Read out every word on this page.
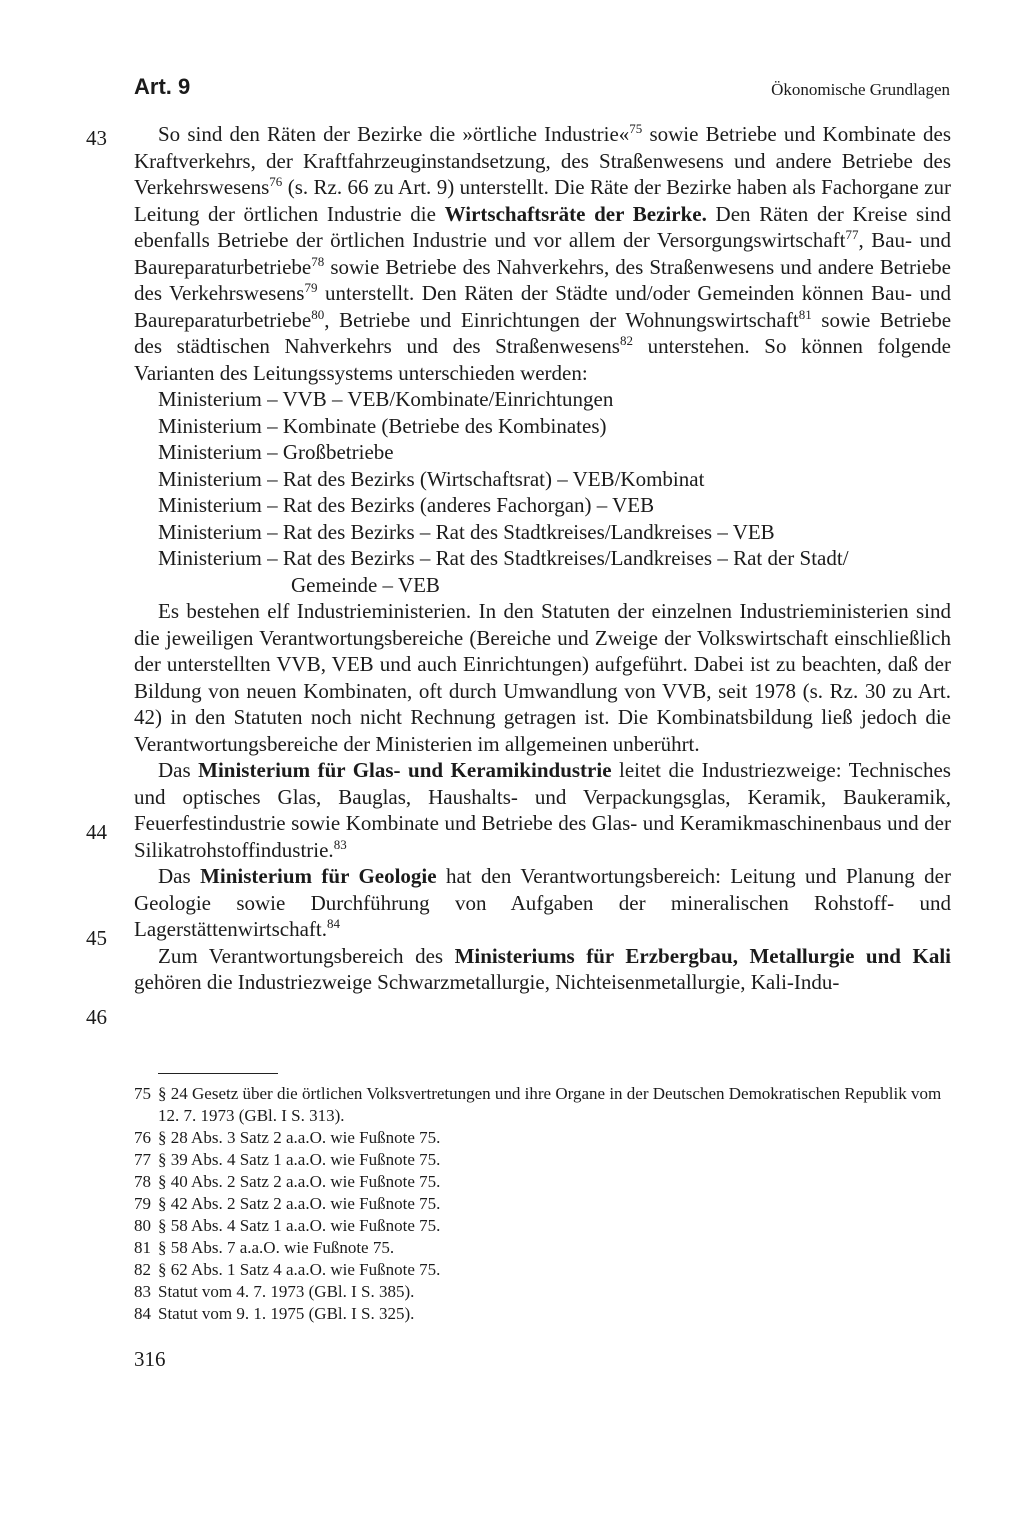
Art. 9	Ökonomische Grundlagen
43
44
45
46

So sind den Räten der Bezirke die »örtliche Industrie«$^{75}$ sowie Betriebe und Kombinate des Kraftverkehrs, der Kraftfahrzeuginstandsetzung, des Straßenwesens und andere Betriebe des Verkehrswesens$^{76}$ (s. Rz. 66 zu Art. 9) unterstellt. Die Räte der Bezirke haben als Fachorgane zur Leitung der örtlichen Industrie die Wirtschaftsräte der Bezirke. Den Räten der Kreise sind ebenfalls Betriebe der örtlichen Industrie und vor allem der Versorgungswirtschaft$^{77}$, Bau- und Baureparaturbetriebe$^{78}$ sowie Betriebe des Nahverkehrs, des Straßenwesens und andere Betriebe des Verkehrswesens$^{79}$ unterstellt. Den Räten der Städte und/oder Gemeinden können Bau- und Baureparaturbetriebe$^{80}$, Betriebe und Einrichtungen der Wohnungswirtschaft$^{81}$ sowie Betriebe des städtischen Nahverkehrs und des Straßenwesens$^{82}$ unterstehen. So können folgende Varianten des Leitungssystems unterschieden werden:

Ministerium – VVB – VEB/Kombinate/Einrichtungen
Ministerium – Kombinate (Betriebe des Kombinates)
Ministerium – Großbetriebe
Ministerium – Rat des Bezirks (Wirtschaftsrat) – VEB/Kombinat
Ministerium – Rat des Bezirks (anderes Fachorgan) – VEB
Ministerium – Rat des Bezirks – Rat des Stadtkreises/Landkreises – VEB
Ministerium – Rat des Bezirks – Rat des Stadtkreises/Landkreises – Rat der Stadt/
Gemeinde – VEB

Es bestehen elf Industrieministerien. In den Statuten der einzelnen Industrieministerien sind die jeweiligen Verantwortungsbereiche (Bereiche und Zweige der Volkswirtschaft einschließlich der unterstellten VVB, VEB und auch Einrichtungen) aufgeführt. Dabei ist zu beachten, daß der Bildung von neuen Kombinaten, oft durch Umwandlung von VVB, seit 1978 (s. Rz. 30 zu Art. 42) in den Statuten noch nicht Rechnung getragen ist. Die Kombinatsbildung ließ jedoch die Verantwortungsbereiche der Ministerien im allgemeinen unberührt.

Das Ministerium für Glas- und Keramikindustrie leitet die Industriezweige: Technisches und optisches Glas, Bauglas, Haushalts- und Verpackungsglas, Keramik, Baukeramik, Feuerfestindustrie sowie Kombinate und Betriebe des Glas- und Keramikmaschinenbaus und der Silikatrohstoffindustrie.$^{83}$

Das Ministerium für Geologie hat den Verantwortungsbereich: Leitung und Planung der Geologie sowie Durchführung von Aufgaben der mineralischen Rohstoff- und Lagerstättenwirtschaft.$^{84}$

Zum Verantwortungsbereich des Ministeriums für Erzbergbau, Metallurgie und Kali gehören die Industriezweige Schwarzmetallurgie, Nichteisenmetallurgie, Kali-Indu-

75 § 24 Gesetz über die örtlichen Volksvertretungen und ihre Organe in der Deutschen Demokratischen Republik vom 12. 7. 1973 (GBl. I S. 313).
76 § 28 Abs. 3 Satz 2 a.a.O. wie Fußnote 75.
77 § 39 Abs. 4 Satz 1 a.a.O. wie Fußnote 75.
78 § 40 Abs. 2 Satz 2 a.a.O. wie Fußnote 75.
79 § 42 Abs. 2 Satz 2 a.a.O. wie Fußnote 75.
80 § 58 Abs. 4 Satz 1 a.a.O. wie Fußnote 75.
81 § 58 Abs. 7 a.a.O. wie Fußnote 75.
82 § 62 Abs. 1 Satz 4 a.a.O. wie Fußnote 75.
83 Statut vom 4. 7. 1973 (GBl. I S. 385).
84 Statut vom 9. 1. 1975 (GBl. I S. 325).
316
